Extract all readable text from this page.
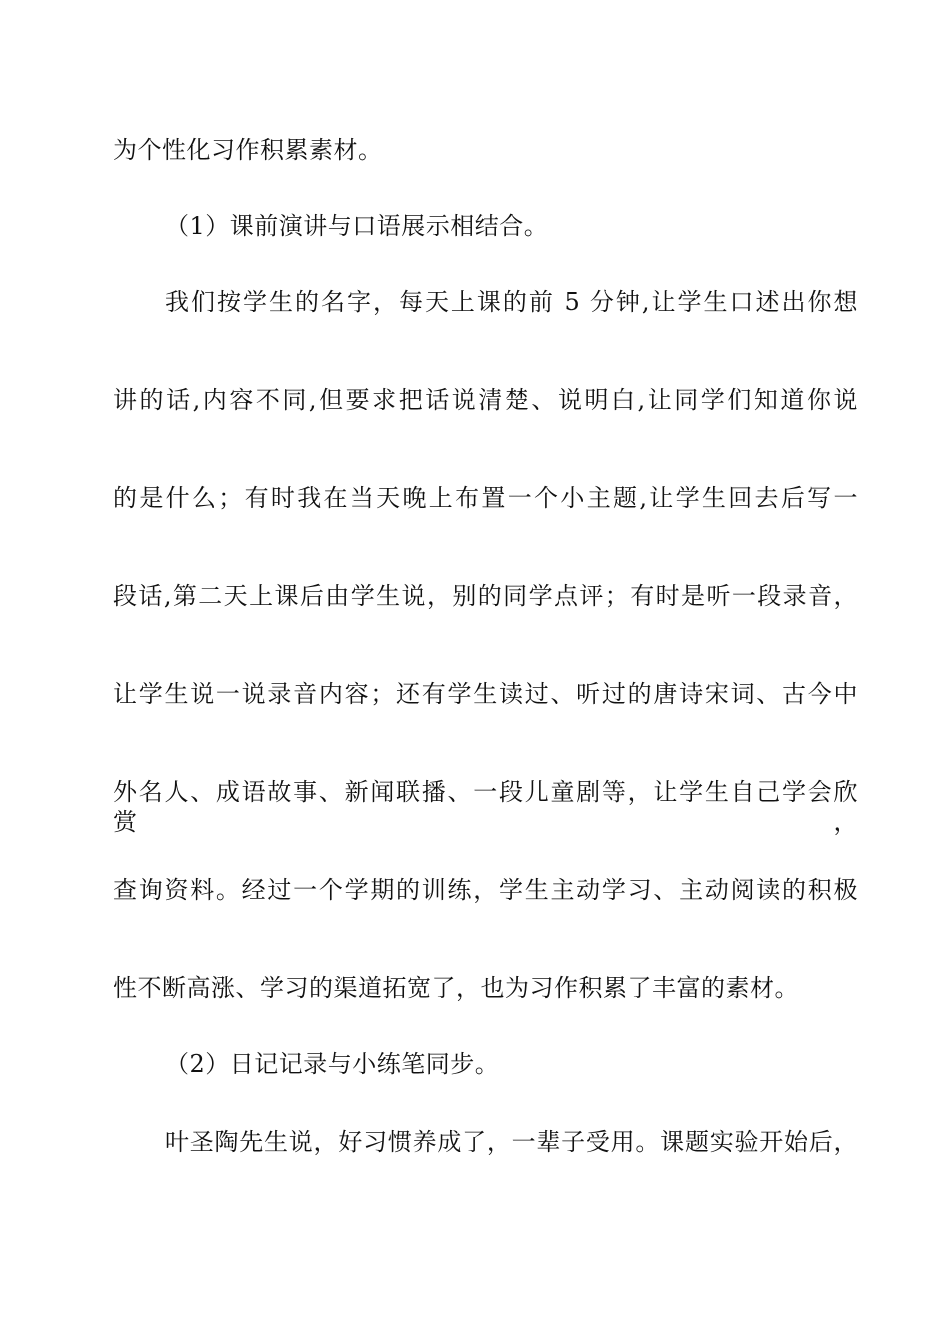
为个性化习作积累素材。
（1）课前演讲与口语展示相结合。
我们按学生的名字，每天上课的前 5 分钟,让学生口述出你想
讲的话,内容不同,但要求把话说清楚、说明白,让同学们知道你说
的是什么；有时我在当天晚上布置一个小主题,让学生回去后写一
段话,第二天上课后由学生说，别的同学点评；有时是听一段录音，
让学生说一说录音内容；还有学生读过、听过的唐诗宋词、古今中
外名人、成语故事、新闻联播、一段儿童剧等，让学生自己学会欣赏，
查询资料。经过一个学期的训练，学生主动学习、主动阅读的积极
性不断高涨、学习的渠道拓宽了，也为习作积累了丰富的素材。
（2）日记记录与小练笔同步。
叶圣陶先生说，好习惯养成了，一辈子受用。课题实验开始后，
